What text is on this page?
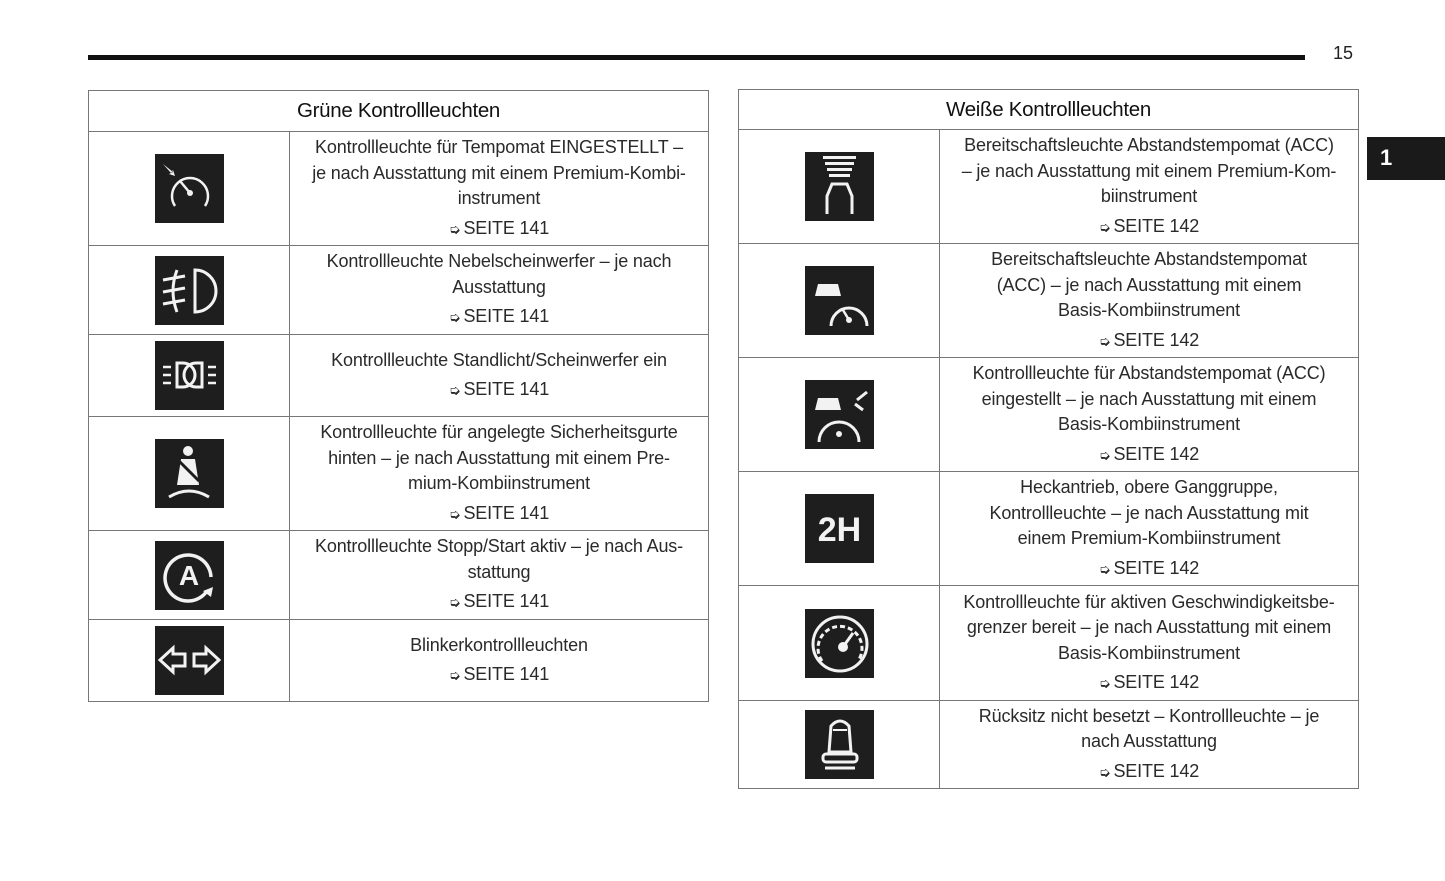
15
1
Grüne Kontrollleuchten	

Kontrollleuchte für Tempomat EINGESTELLT –
je nach Ausstattung mit einem Premium-Kombi-
instrument
➭ SEITE 141

Kontrollleuchte Nebelscheinwerfer – je nach
Ausstattung
➭ SEITE 141

Kontrollleuchte Standlicht/Scheinwerfer ein
➭ SEITE 141

Kontrollleuchte für angelegte Sicherheitsgurte
hinten – je nach Ausstattung mit einem Pre-
mium-Kombiinstrument
➭ SEITE 141

A	Kontrollleuchte Stopp/Start aktiv – je nach Aus-
stattung
➭ SEITE 141

Blinkerkontrollleuchten
➭ SEITE 141
Weiße Kontrollleuchten	

Bereitschaftsleuchte Abstandstempomat (ACC)
– je nach Ausstattung mit einem Premium-Kom-
biinstrument
➭ SEITE 142

Bereitschaftsleuchte Abstandstempomat
(ACC) – je nach Ausstattung mit einem
Basis-Kombiinstrument
➭ SEITE 142

Kontrollleuchte für Abstandstempomat (ACC)
eingestellt – je nach Ausstattung mit einem
Basis-Kombiinstrument
➭ SEITE 142

2H	Heckantrieb, obere Ganggruppe,
Kontrollleuchte – je nach Ausstattung mit
einem Premium-Kombiinstrument
➭ SEITE 142

Kontrollleuchte für aktiven Geschwindigkeitsbe-
grenzer bereit – je nach Ausstattung mit einem
Basis-Kombiinstrument
➭ SEITE 142

Rücksitz nicht besetzt – Kontrollleuchte – je
nach Ausstattung
➭ SEITE 142
